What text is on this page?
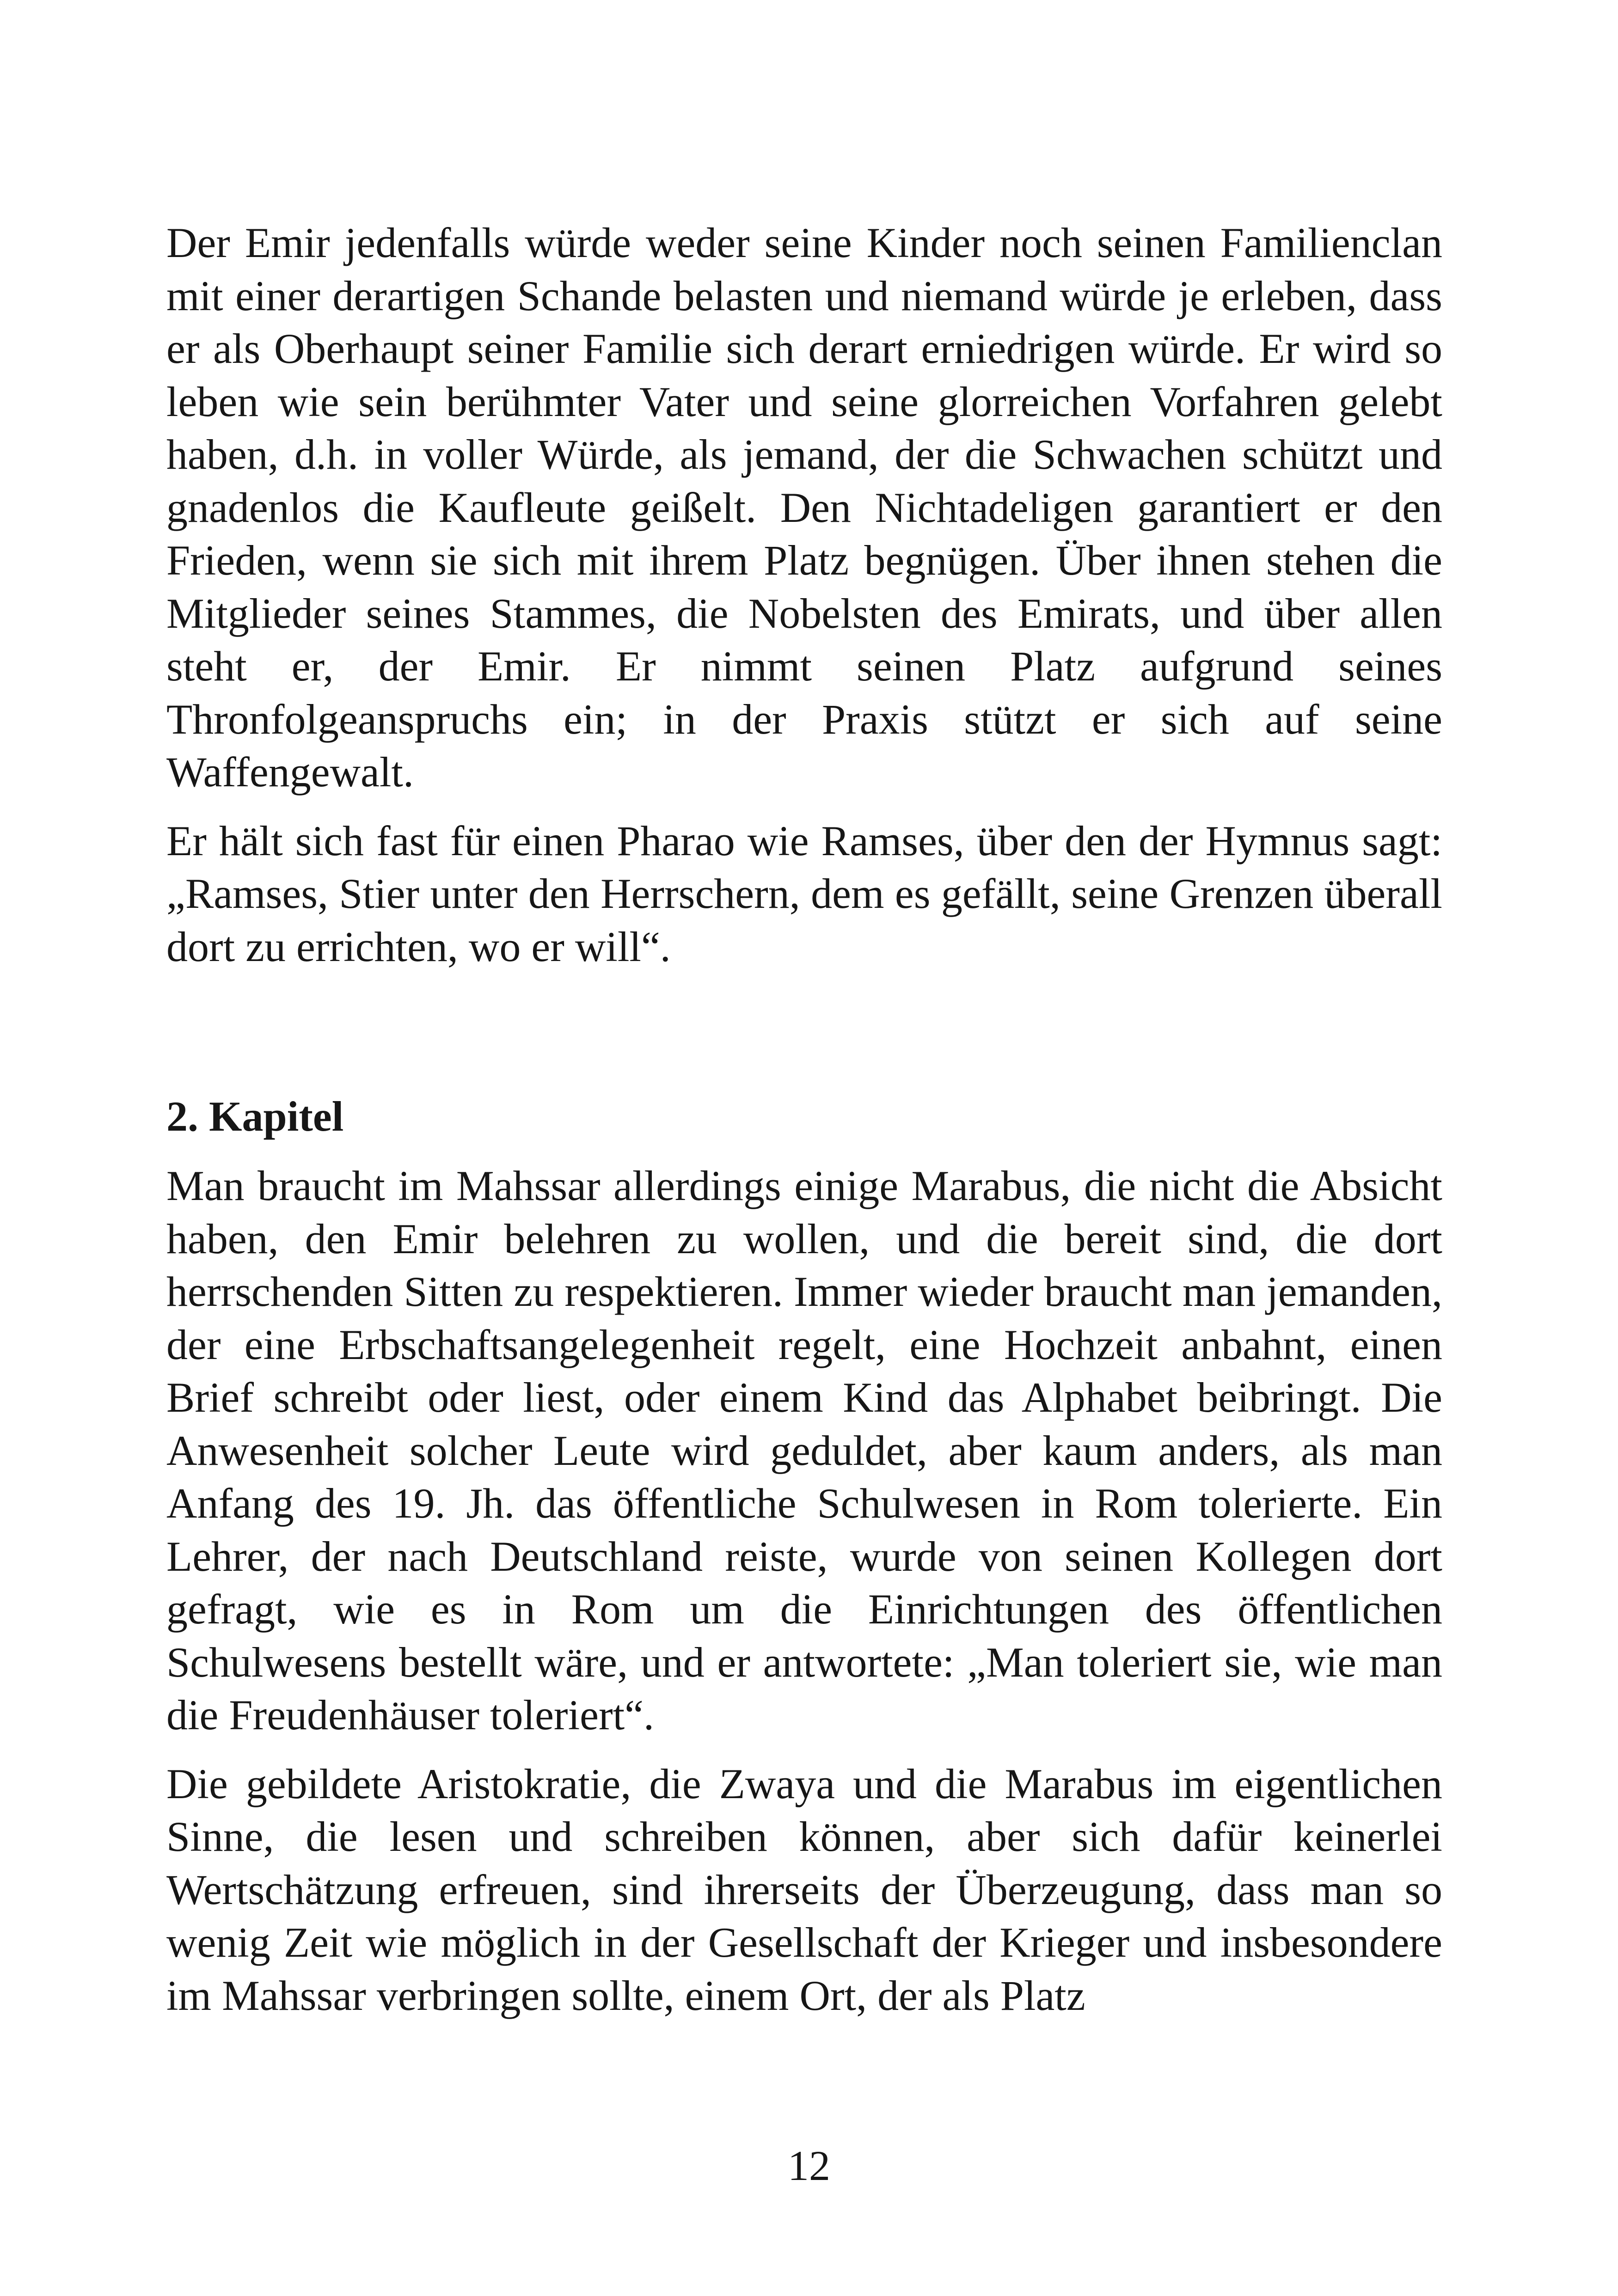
Der Emir jedenfalls würde weder seine Kinder noch seinen Familienclan mit einer derartigen Schande belasten und niemand würde je erleben, dass er als Oberhaupt seiner Familie sich derart erniedrigen würde. Er wird so leben wie sein berühmter Vater und seine glorreichen Vorfahren gelebt haben, d.h. in voller Würde, als jemand, der die Schwachen schützt und gnadenlos die Kaufleute geißelt. Den Nichtadeligen garantiert er den Frieden, wenn sie sich mit ihrem Platz begnügen. Über ihnen stehen die Mitglieder seines Stammes, die Nobelsten des Emirats, und über allen steht er, der Emir. Er nimmt seinen Platz aufgrund seines Thronfolgeanspruchs ein; in der Praxis stützt er sich auf seine Waffengewalt.

Er hält sich fast für einen Pharao wie Ramses, über den der Hymnus sagt: „Ramses, Stier unter den Herrschern, dem es gefällt, seine Grenzen überall dort zu errichten, wo er will“.

2. Kapitel

Man braucht im Mahssar allerdings einige Marabus, die nicht die Absicht haben, den Emir belehren zu wollen, und die bereit sind, die dort herrschenden Sitten zu respektieren. Immer wieder braucht man jemanden, der eine Erbschaftsangelegenheit regelt, eine Hochzeit anbahnt, einen Brief schreibt oder liest, oder einem Kind das Alphabet beibringt. Die Anwesenheit solcher Leute wird geduldet, aber kaum anders, als man Anfang des 19. Jh. das öffentliche Schulwesen in Rom tolerierte. Ein Lehrer, der nach Deutschland reiste, wurde von seinen Kollegen dort gefragt, wie es in Rom um die Einrichtungen des öffentlichen Schulwesens bestellt wäre, und er antwortete: „Man toleriert sie, wie man die Freudenhäuser toleriert“.

Die gebildete Aristokratie, die Zwaya und die Marabus im eigentlichen Sinne, die lesen und schreiben können, aber sich dafür keinerlei Wertschätzung erfreuen, sind ihrerseits der Überzeugung, dass man so wenig Zeit wie möglich in der Gesellschaft der Krieger und insbesondere im Mahssar verbringen sollte, einem Ort, der als Platz

12
